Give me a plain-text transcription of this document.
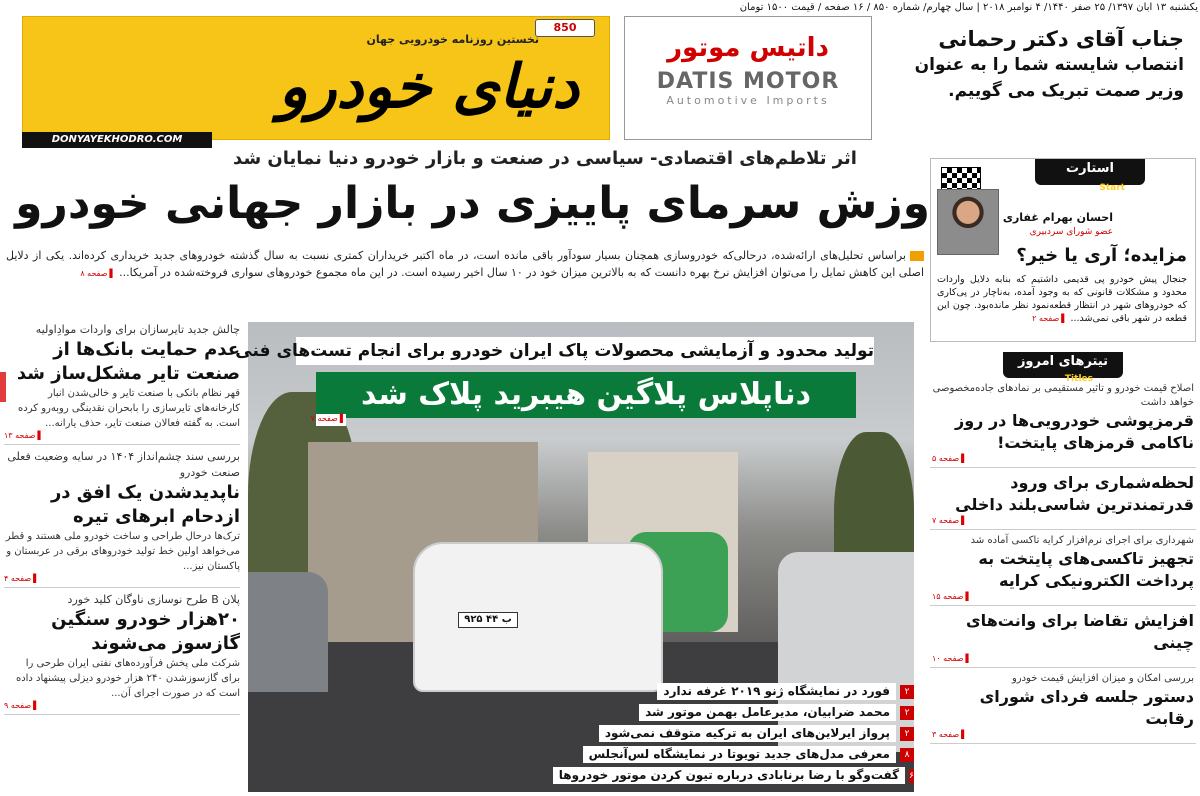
یکشنبه ۱۳ آبان ۱۳۹۷/ ۲۵ صفر ۱۴۴۰/ ۴ نوامبر ۲۰۱۸ | سال چهارم/ شماره ۸۵۰ / ۱۶ صفحه / قیمت ۱۵۰۰ تومان
850
نخستین روزنامه خودرویی جهان
دنیای خودرو
DONYAYEKHODRO.COM
داتیس موتور
DATIS MOTOR
Automotive Imports
جناب آقای دکتر رحمانی
انتصاب شایسته شما را به عنوان
وزیر صمت تبریک می گوییم.
اثر تلاطم‌های اقتصادی- سیاسی در صنعت و بازار خودرو دنیا نمایان شد
وزش سرمای پاییزی در بازار جهانی خودرو
براساس تحلیل‌های ارائه‌شده، درحالی‌که خودروسازی همچنان بسیار سودآور باقی مانده است، در ماه اکتبر خریداران کمتری نسبت به سال گذشته خودروهای جدید خریداری کرده‌اند. یکی از دلایل اصلی این کاهش تمایل را می‌توان افزایش نرخ بهره دانست که به بالاترین میزان خود در ۱۰ سال اخیر رسیده است. در این ماه مجموع خودروهای سواری فروخته‌شده در آمریکا... ▌ صفحه ۸
چالش جدید تایرسازان برای واردات موادِاولیه
عدم حمایت بانک‌ها از صنعت تایر مشکل‌ساز شد
قهر نظام بانکی با صنعت تایر و خالی‌شدن انبار کارخانه‌های تایرسازی را بابحران نقدینگی روبه‌رو کرده است. به گفته فعالان صنعت تایر، حذف یارانه...
▌ صفحه ۱۳
بررسی سند چشم‌انداز ۱۴۰۴ در سایه وضعیت فعلی صنعت خودرو
ناپدیدشدن یک افق در ازدحام ابرهای تیره
ترک‌ها درحال طراحی و ساخت خودرو ملی هستند و قطر می‌خواهد اولین خط تولید خودروهای برقی در عربستان و پاکستان نیز...
▌ صفحه ۴
پلان B طرح نوسازی ناوگان کلید خورد
۲۰هزار خودرو سنگین گازسوز می‌شوند
شرکت ملی پخش فرآورده‌های نفتی ایران طرحی را برای گازسوزشدن ۲۴۰ هزار خودرو دیزلی پیشنهاد داده است که در صورت اجرای آن...
▌ صفحه ۹
۹۲۵ ب ۴۴
تولید محدود و آزمایشی محصولات پاک ایران خودرو برای انجام تست‌های فنی
دناپلاس پلاگین هیبرید پلاک شد
▌ صفحه ۷
۲
فورد در نمایشگاه ژنو ۲۰۱۹ غرفه ندارد
۲
محمد ضرابیان، مدیرعامل بهمن موتور شد
۲
پرواز ایرلاین‌های ایران به ترکیه متوقف نمی‌شود
۸
معرفی مدل‌های جدید تویوتا در نمایشگاه لس‌آنجلس
۶
گفت‌وگو با رضا برنابادی درباره تیون کردن موتور خودروها
استارت
Start
احسان بهرام غفاری
عضو شورای سردبیری
مزایده؛ آری یا خیر؟
جنجال پیش خودرو پی قدیمی داشتیم که بنابه دلایل واردات محدود و مشکلات قانونی که به وجود آمده، به‌ناچار در پی‌کاری که خودروهای شهر در انتظار قطعه‌نمود نظر مانده‌بود. چون این قطعه در شهر باقی نمی‌شد... ▌ صفحه ۲
تیترهای امروز
Titles
اصلاح قیمت خودرو و تاثیر مستقیمی بر نمادهای جاده‌مخصوصی خواهد داشت
قرمزپوشی خودرویی‌ها در روز ناکامی قرمزهای پایتخت!
▌ صفحه ۵
لحظه‌شماری برای ورود قدرتمندترین شاسی‌بلند داخلی
▌ صفحه ۷
شهرداری برای اجرای نرم‌افزار کرایه تاکسی آماده شد
تجهیز تاکسی‌های پایتخت به پرداخت الکترونیکی کرایه
▌ صفحه ۱۵
افزایش تقاضا برای وانت‌های چینی
▌ صفحه ۱۰
بررسی امکان و میزان افزایش قیمت خودرو
دستور جلسه فردای شورای رقابت
▌ صفحه ۳
